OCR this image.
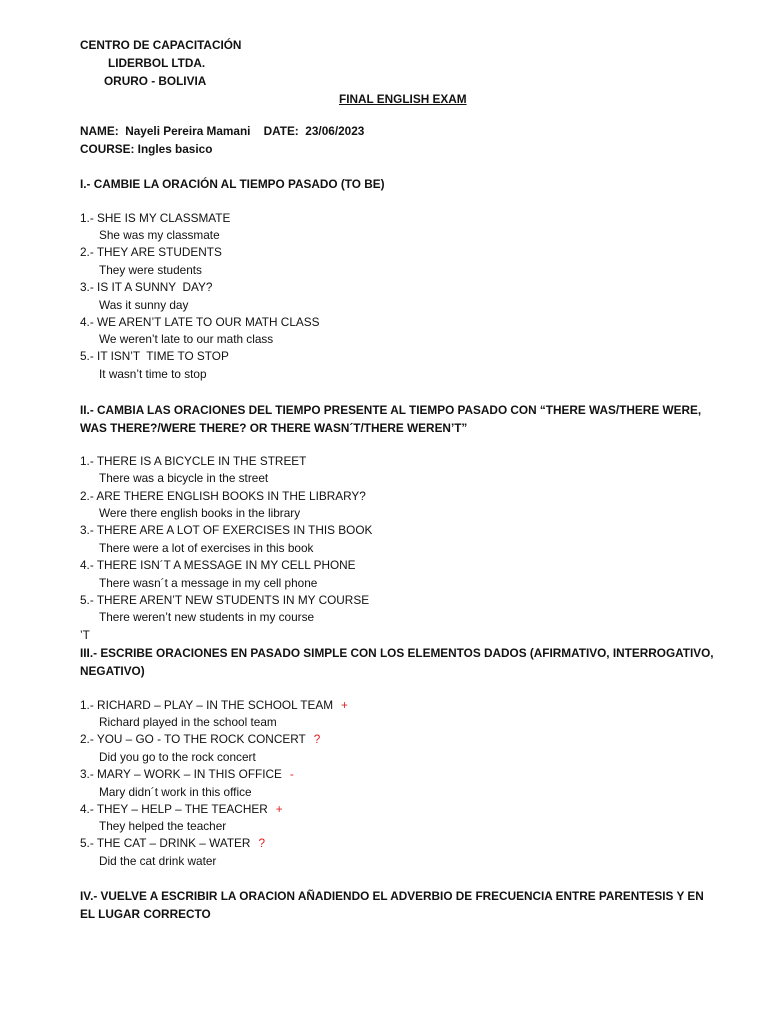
CENTRO DE CAPACITACIÓN
LIDERBOL LTDA.
ORURO - BOLIVIA
FINAL ENGLISH EXAM
NAME:  Nayeli Pereira Mamani    DATE:  23/06/2023
COURSE: Ingles basico
I.- CAMBIE LA ORACIÓN AL TIEMPO PASADO (TO BE)
1.- SHE IS MY CLASSMATE
She was my classmate
2.- THEY ARE STUDENTS
They were students
3.- IS IT A SUNNY  DAY?
Was it sunny day
4.- WE AREN’T LATE TO OUR MATH CLASS
We weren’t late to our math class
5.- IT ISN’T  TIME TO STOP
It wasn’t time to stop
II.- CAMBIA LAS ORACIONES DEL TIEMPO PRESENTE AL TIEMPO PASADO CON “THERE WAS/THERE WERE, WAS THERE?/WERE THERE? OR THERE WASN´T/THERE WEREN’T”
1.- THERE IS A BICYCLE IN THE STREET
There was a bicycle in the street
2.- ARE THERE ENGLISH BOOKS IN THE LIBRARY?
Were there english books in the library
3.- THERE ARE A LOT OF EXERCISES IN THIS BOOK
There were a lot of exercises in this book
4.- THERE ISN´T A MESSAGE IN MY CELL PHONE
There wasn´t a message in my cell phone
5.- THERE AREN’T NEW STUDENTS IN MY COURSE
There weren’t new students in my course
’T
III.- ESCRIBE ORACIONES EN PASADO SIMPLE CON LOS ELEMENTOS DADOS (AFIRMATIVO, INTERROGATIVO, NEGATIVO)
1.- RICHARD – PLAY – IN THE SCHOOL TEAM +
Richard played in the school team
2.- YOU – GO - TO THE ROCK CONCERT ?
Did you go to the rock concert
3.- MARY – WORK – IN THIS OFFICE -
Mary didn´t work in this office
4.- THEY – HELP – THE TEACHER +
They helped the teacher
5.- THE CAT – DRINK – WATER ?
Did the cat drink water
IV.- VUELVE A ESCRIBIR LA ORACION AÑADIENDO EL ADVERBIO DE FRECUENCIA ENTRE PARENTESIS Y EN EL LUGAR CORRECTO
